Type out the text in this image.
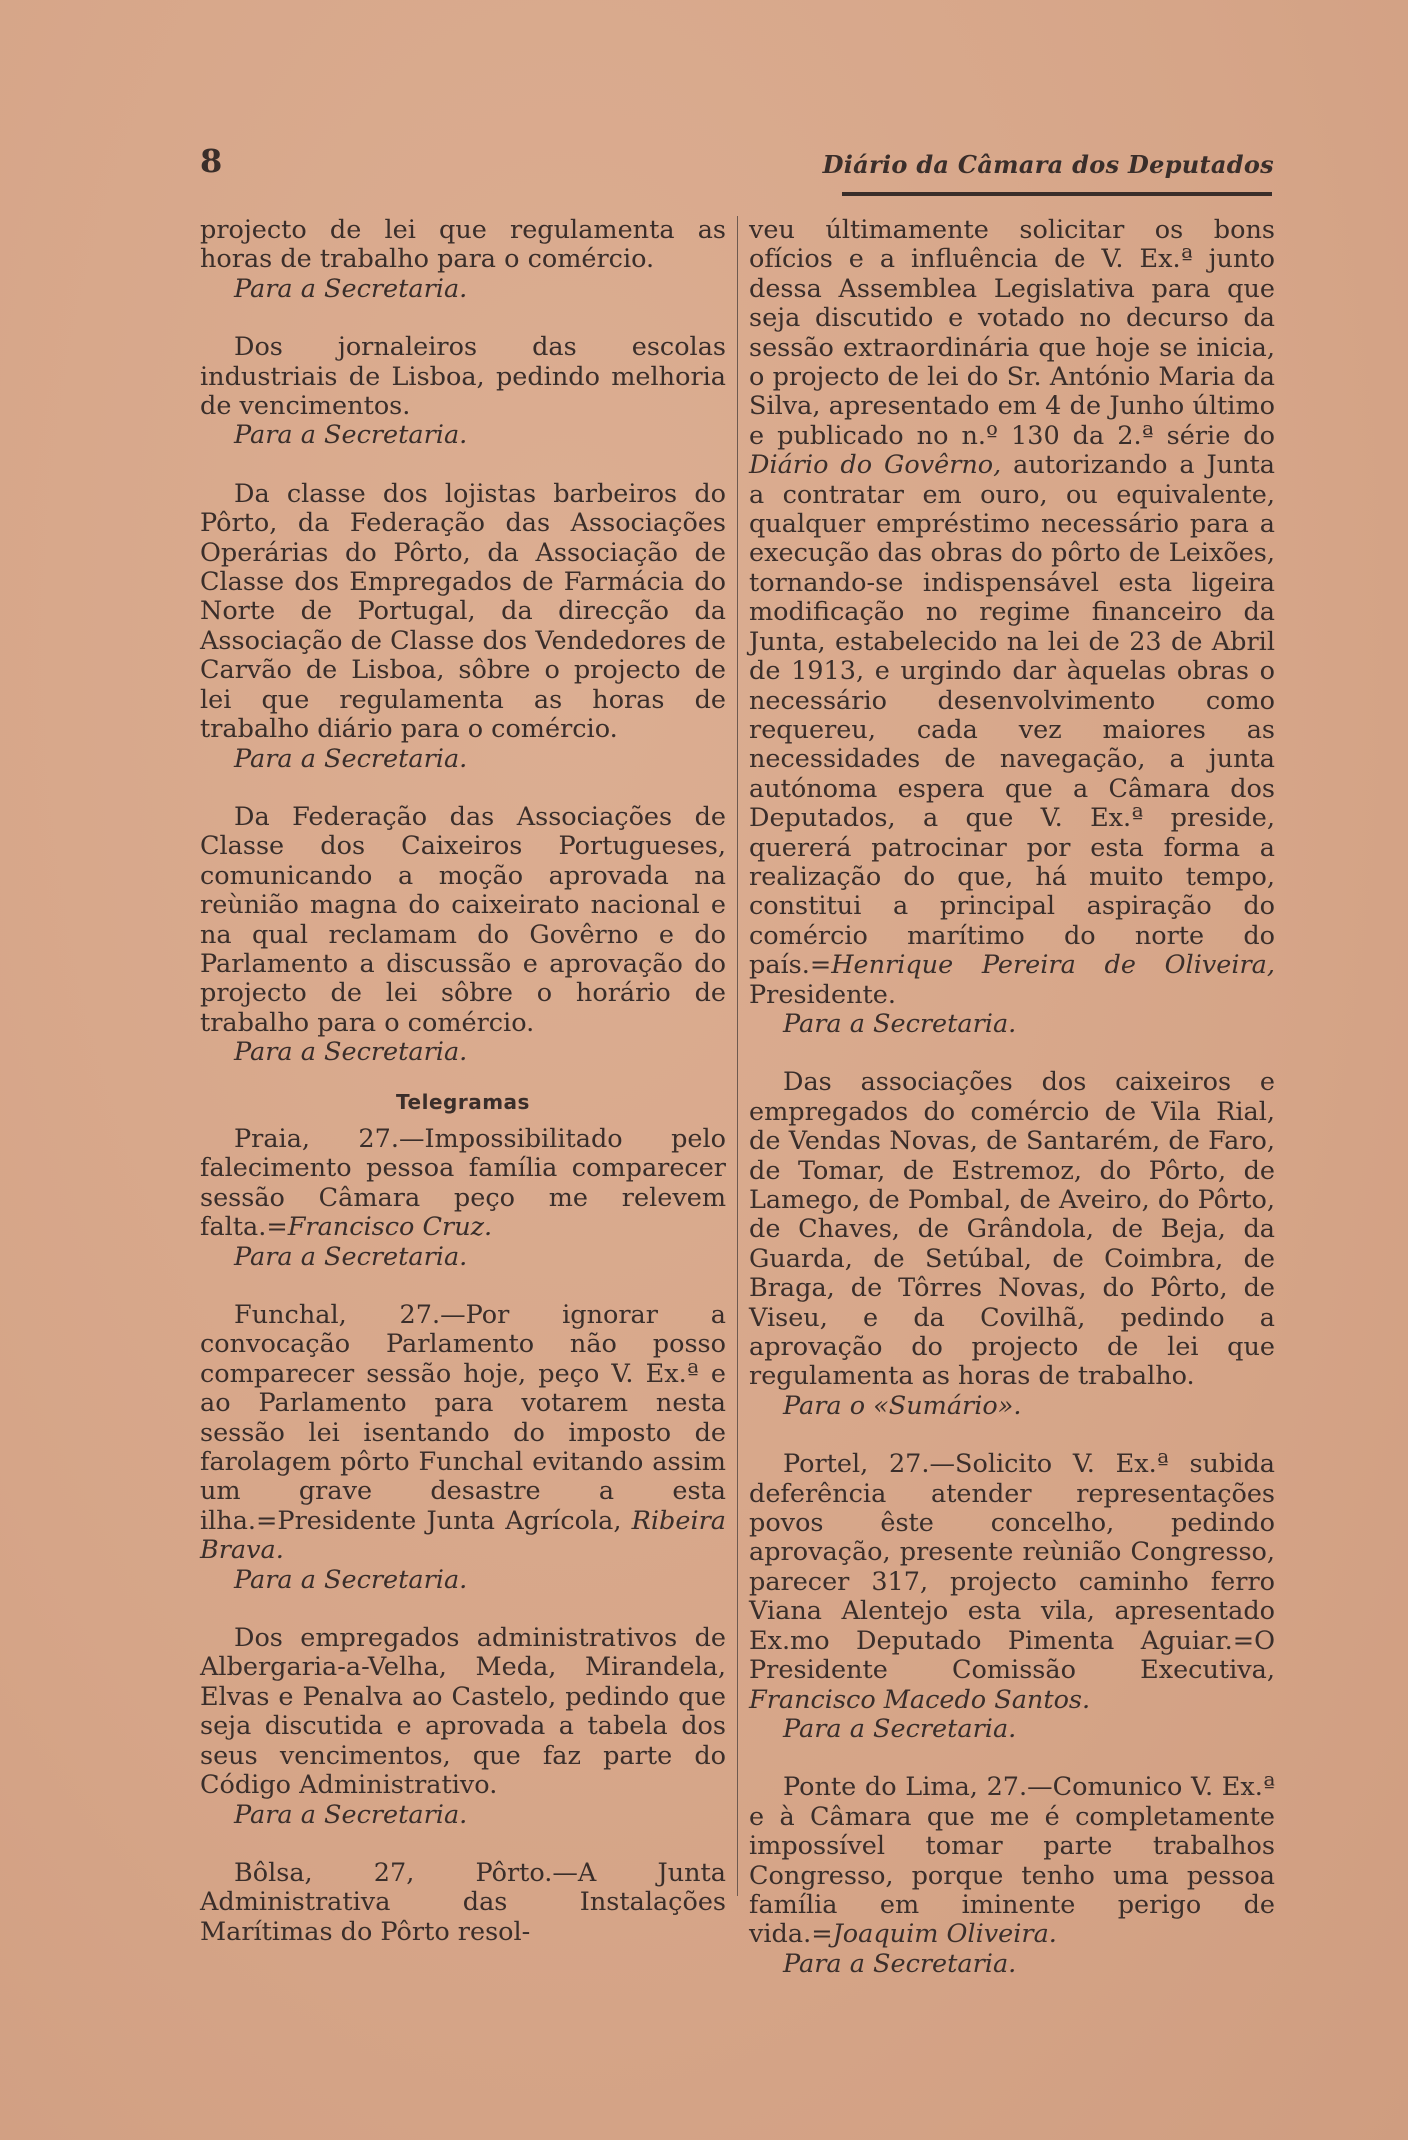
8	Diário da Câmara dos Deputados

projecto de lei que regulamenta as horas de trabalho para o comércio.

Para a Secretaria.

Dos jornaleiros das escolas industriais de Lisboa, pedindo melhoria de vencimentos.

Para a Secretaria.

Da classe dos lojistas barbeiros do Pôrto, da Federação das Associações Operárias do Pôrto, da Associação de Classe dos Empregados de Farmácia do Norte de Portugal, da direcção da Associação de Classe dos Vendedores de Carvão de Lisboa, sôbre o projecto de lei que regulamenta as horas de trabalho diário para o comércio.

Para a Secretaria.

Da Federação das Associações de Classe dos Caixeiros Portugueses, comunicando a moção aprovada na reùnião magna do caixeirato nacional e na qual reclamam do Govêrno e do Parlamento a discussão e aprovação do projecto de lei sôbre o horário de trabalho para o comércio.

Para a Secretaria.

Telegramas

Praia, 27.—Impossibilitado pelo falecimento pessoa família comparecer sessão Câmara peço me relevem falta.=Francisco Cruz.

Para a Secretaria.

Funchal, 27.—Por ignorar a convocação Parlamento não posso comparecer sessão hoje, peço V. Ex.ª e ao Parlamento para votarem nesta sessão lei isentando do imposto de farolagem pôrto Funchal evitando assim um grave desastre a esta ilha.=Presidente Junta Agrícola, Ribeira Brava.

Para a Secretaria.

Dos empregados administrativos de Albergaria-a-Velha, Meda, Mirandela, Elvas e Penalva ao Castelo, pedindo que seja discutida e aprovada a tabela dos seus vencimentos, que faz parte do Código Administrativo.

Para a Secretaria.

Bôlsa, 27, Pôrto.—A Junta Administrativa das Instalações Marítimas do Pôrto resol-

veu últimamente solicitar os bons ofícios e a influência de V. Ex.ª junto dessa Assemblea Legislativa para que seja discutido e votado no decurso da sessão extraordinária que hoje se inicia, o projecto de lei do Sr. António Maria da Silva, apresentado em 4 de Junho último e publicado no n.º 130 da 2.ª série do Diário do Govêrno, autorizando a Junta a contratar em ouro, ou equivalente, qualquer empréstimo necessário para a execução das obras do pôrto de Leixões, tornando-se indispensável esta ligeira modificação no regime financeiro da Junta, estabelecido na lei de 23 de Abril de 1913, e urgindo dar àquelas obras o necessário desenvolvimento como requereu, cada vez maiores as necessidades de navegação, a junta autónoma espera que a Câmara dos Deputados, a que V. Ex.ª preside, quererá patrocinar por esta forma a realização do que, há muito tempo, constitui a principal aspiração do comércio marítimo do norte do país.=Henrique Pereira de Oliveira, Presidente.

Para a Secretaria.

Das associações dos caixeiros e empregados do comércio de Vila Rial, de Vendas Novas, de Santarém, de Faro, de Tomar, de Estremoz, do Pôrto, de Lamego, de Pombal, de Aveiro, do Pôrto, de Chaves, de Grândola, de Beja, da Guarda, de Setúbal, de Coimbra, de Braga, de Tôrres Novas, do Pôrto, de Viseu, e da Covilhã, pedindo a aprovação do projecto de lei que regulamenta as horas de trabalho.

Para o «Sumário».

Portel, 27.—Solicito V. Ex.ª subida deferência atender representações povos êste concelho, pedindo aprovação, presente reùnião Congresso, parecer 317, projecto caminho ferro Viana Alentejo esta vila, apresentado Ex.mo Deputado Pimenta Aguiar.=O Presidente Comissão Executiva, Francisco Macedo Santos.

Para a Secretaria.

Ponte do Lima, 27.—Comunico V. Ex.ª e à Câmara que me é completamente impossível tomar parte trabalhos Congresso, porque tenho uma pessoa família em iminente perigo de vida.=Joaquim Oliveira.

Para a Secretaria.
